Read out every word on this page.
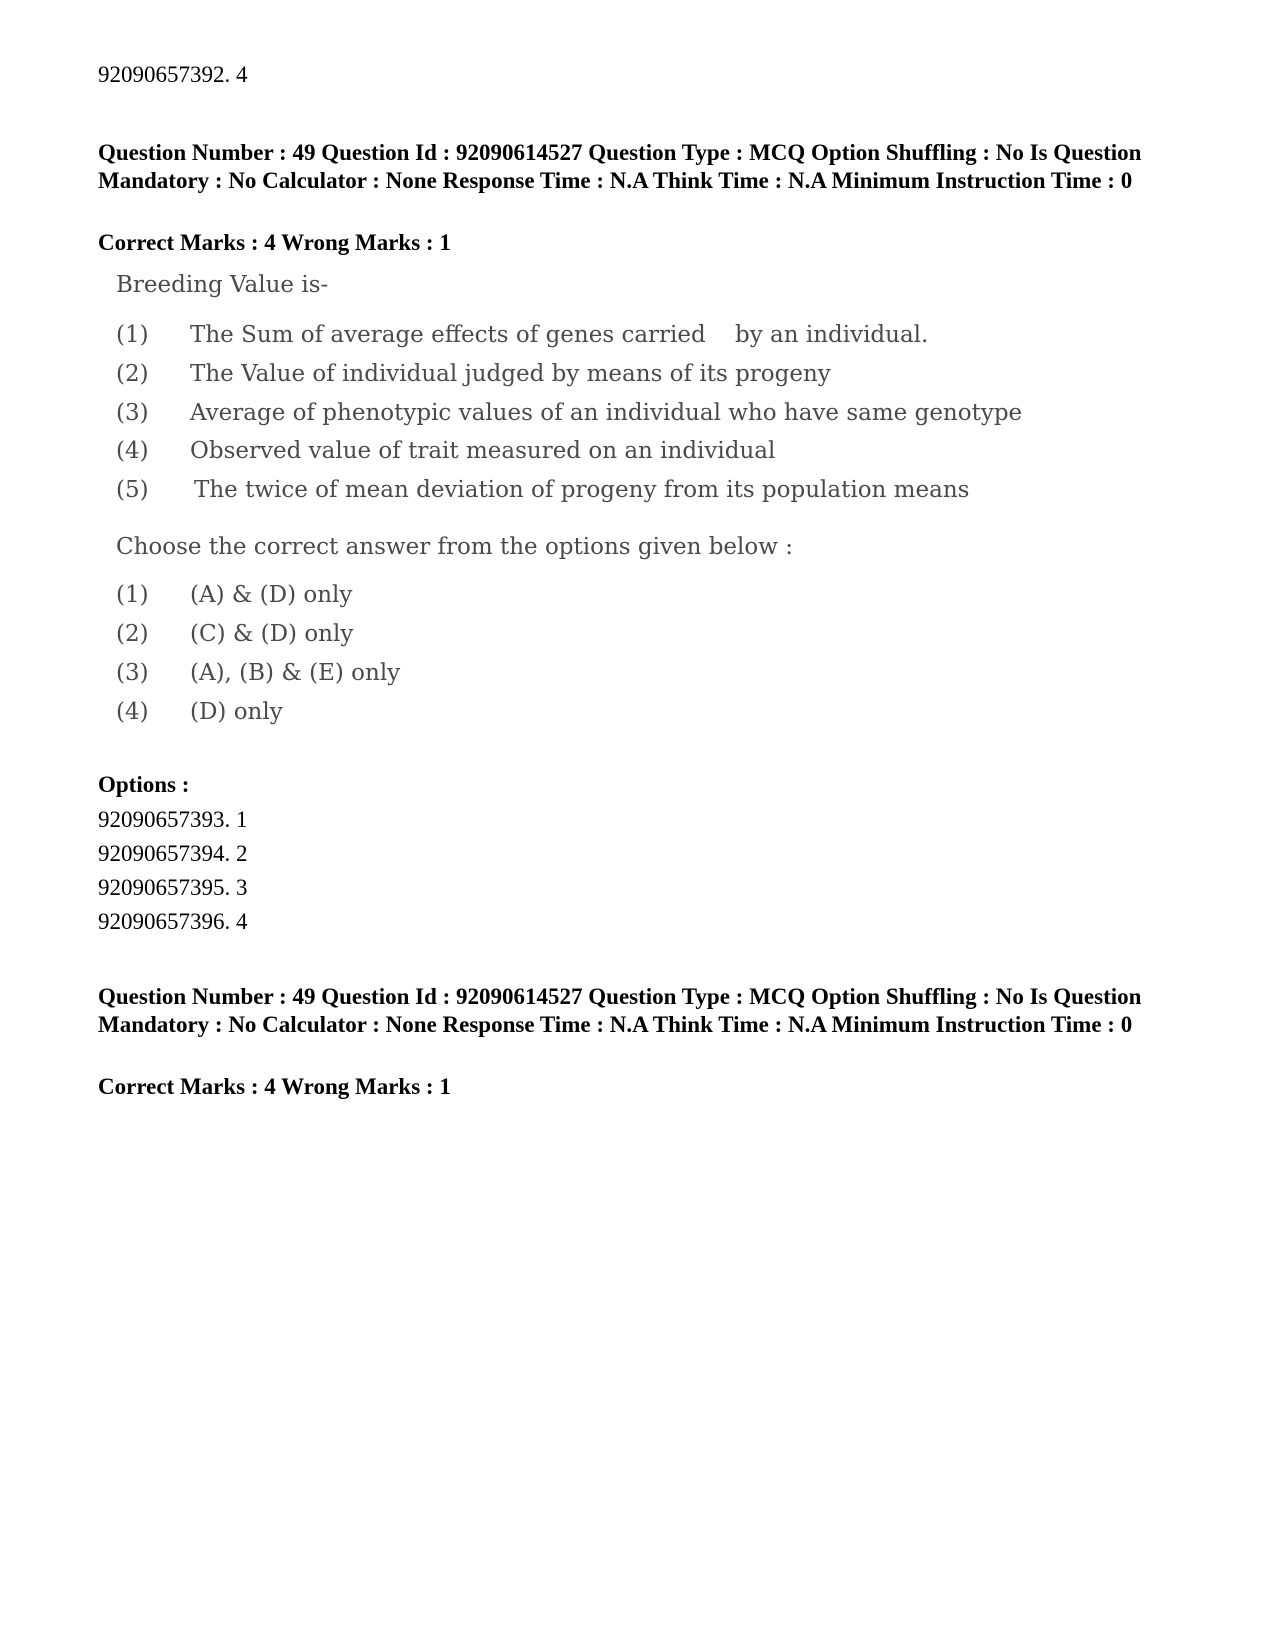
92090657392. 4
Question Number : 49 Question Id : 92090614527 Question Type : MCQ Option Shuffling : No Is Question Mandatory : No Calculator : None Response Time : N.A Think Time : N.A Minimum Instruction Time : 0
Correct Marks : 4 Wrong Marks : 1
Breeding Value is-
(1) The Sum of average effects of genes carried    by an individual.
(2) The Value of individual judged by means of its progeny
(3) Average of phenotypic values of an individual who have same genotype
(4) Observed value of trait measured on an individual
(5) The twice of mean deviation of progeny from its population means
Choose the correct answer from the options given below :
(1) (A) & (D) only
(2) (C) & (D) only
(3) (A), (B) & (E) only
(4) (D) only
Options :
92090657393. 1
92090657394. 2
92090657395. 3
92090657396. 4
Question Number : 49 Question Id : 92090614527 Question Type : MCQ Option Shuffling : No Is Question Mandatory : No Calculator : None Response Time : N.A Think Time : N.A Minimum Instruction Time : 0
Correct Marks : 4 Wrong Marks : 1
